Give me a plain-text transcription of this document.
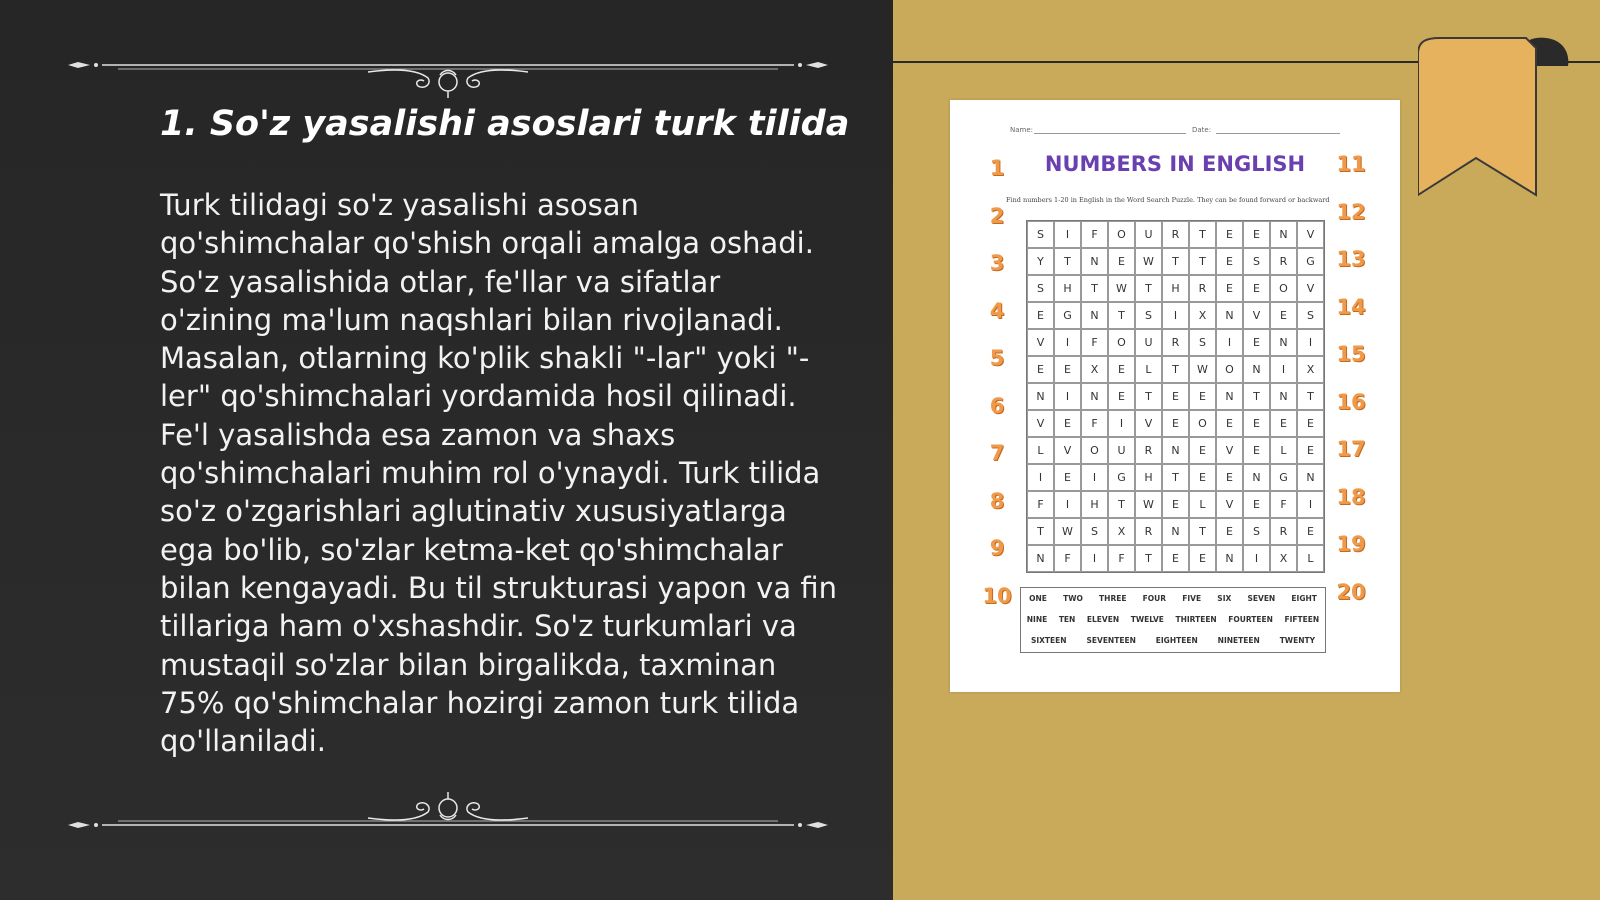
1. So'z yasalishi asoslari turk tilida

Turk tilidagi so'z yasalishi asosan qo'shimchalar qo'shish orqali amalga oshadi. So'z yasalishida otlar, fe'llar va sifatlar o'zining ma'lum naqshlari bilan rivojlanadi. Masalan, otlarning ko'plik shakli "-lar" yoki "-ler" qo'shimchalari yordamida hosil qilinadi. Fe'l yasalishda esa zamon va shaxs qo'shimchalari muhim rol o'ynaydi. Turk tilida so'z o'zgarishlari aglutinativ xususiyatlarga ega bo'lib, so'zlar ketma-ket qo'shimchalar bilan kengayadi. Bu til strukturasi yapon va fin tillariga ham o'xshashdir. So'z turkumlari va mustaqil so'zlar bilan birgalikda, taxminan 75% qo'shimchalar hozirgi zamon turk tilida qo'llaniladi.

Name:	Date:
NUMBERS IN ENGLISH
Find numbers 1-20 in English in the Word Search Puzzle. They can be found forward or backward
1
2
3
4
5
6
7
8
9
10
11
12
13
14
15
16
17
18
19
20
S	I	F	O	U	R	T	E	E	N	V
Y	T	N	E	W	T	T	E	S	R	G
S	H	T	W	T	H	R	E	E	O	V
E	G	N	T	S	I	X	N	V	E	S
V	I	F	O	U	R	S	I	E	N	I
E	E	X	E	L	T	W	O	N	I	X
N	I	N	E	T	E	E	N	T	N	T
V	E	F	I	V	E	O	E	E	E	E
L	V	O	U	R	N	E	V	E	L	E
I	E	I	G	H	T	E	E	N	G	N
F	I	H	T	W	E	L	V	E	F	I
T	W	S	X	R	N	T	E	S	R	E
N	F	I	F	T	E	E	N	I	X	L
ONE TWO THREE FOUR FIVE SIX SEVEN EIGHT
NINE TEN ELEVEN TWELVE THIRTEEN FOURTEEN FIFTEEN
SIXTEEN	SEVENTEEN	EIGHTEEN	NINETEEN	TWENTY
